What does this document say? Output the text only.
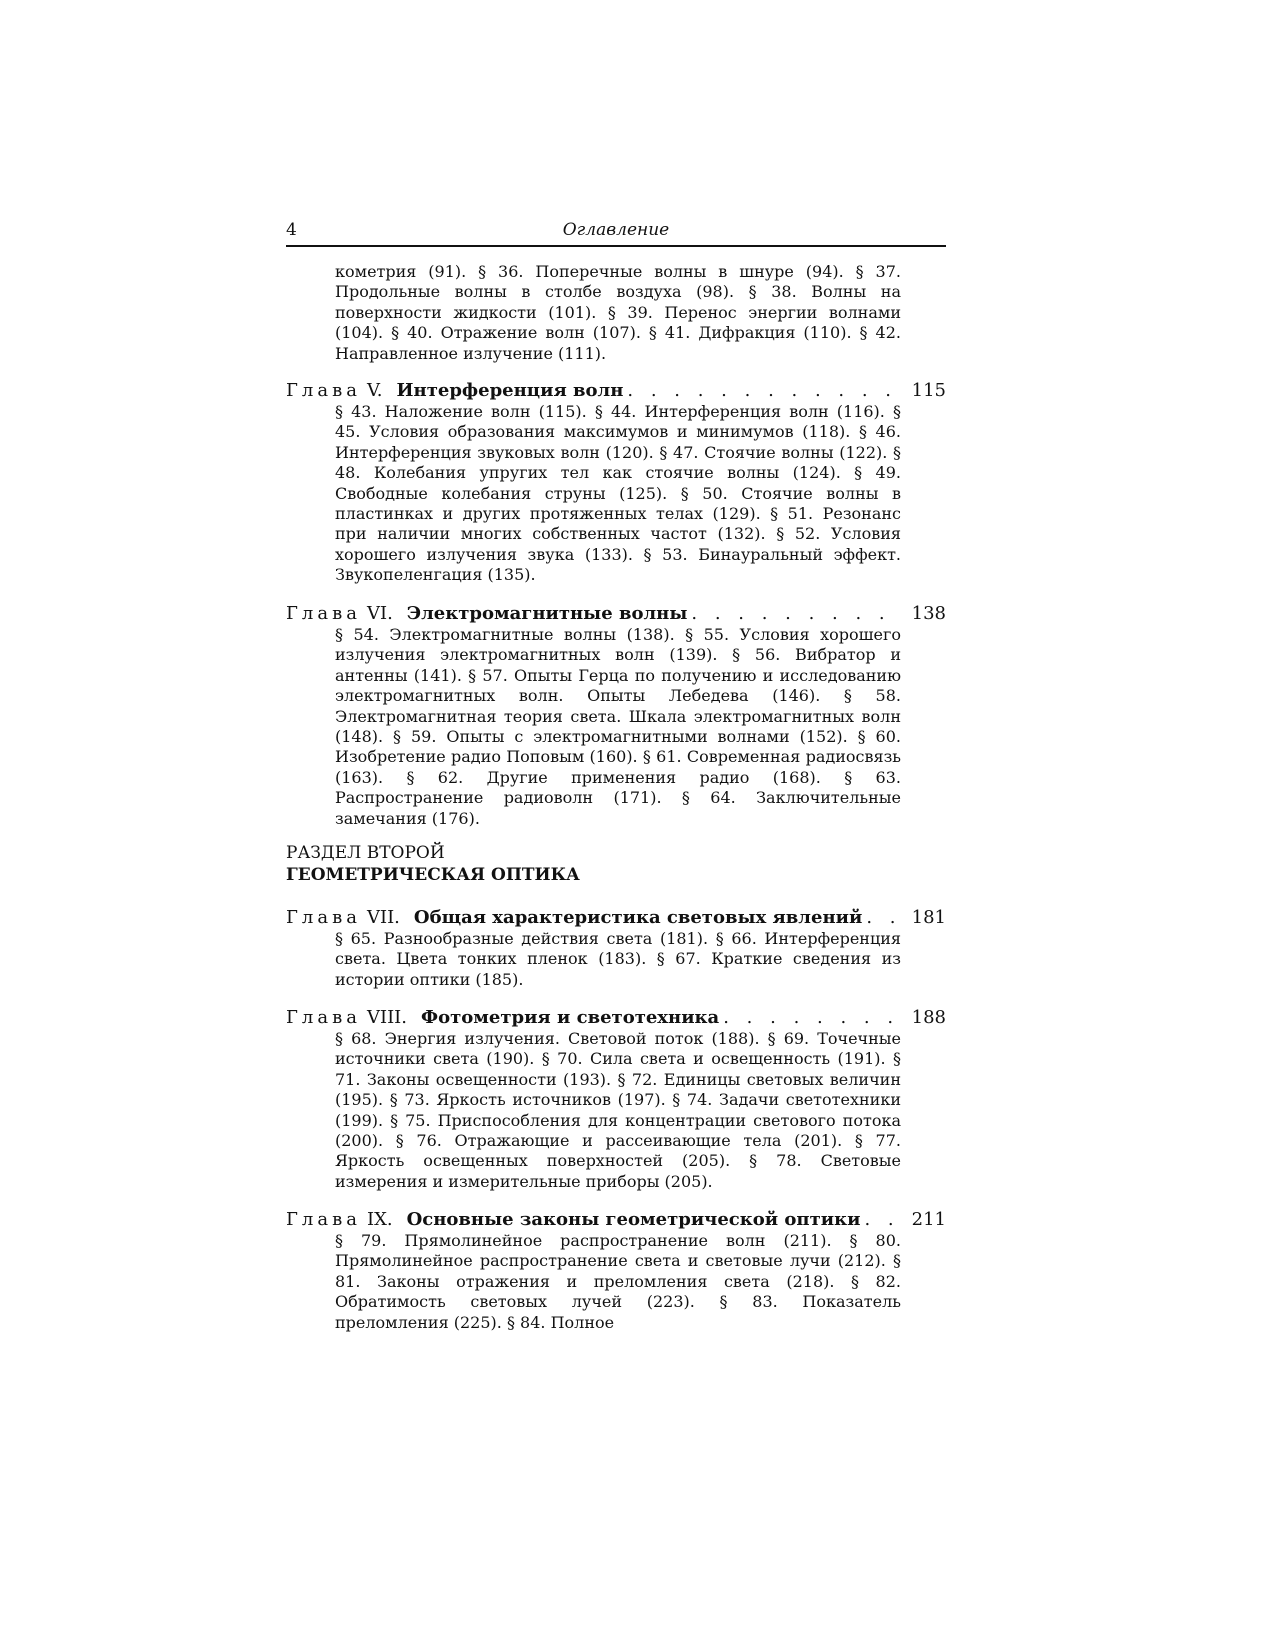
4	Оглавление
кометрия (91). § 36. Поперечные волны в шнуре (94). § 37. Продольные волны в столбе воздуха (98). § 38. Волны на поверхности жидкости (101). § 39. Перенос энергии волнами (104). § 40. Отражение волн (107). § 41. Дифракция (110). § 42. Направленное излучение (111).
Глава V. Интерференция волн . . .	115
§ 43. Наложение волн (115). § 44. Интерференция волн (116). § 45. Условия образования максимумов и минимумов (118). § 46. Интерференция звуковых волн (120). § 47. Стоячие волны (122). § 48. Колебания упругих тел как стоячие волны (124). § 49. Свободные колебания струны (125). § 50. Стоячие волны в пластинках и других протяженных телах (129). § 51. Резонанс при наличии многих собственных частот (132). § 52. Условия хорошего излучения звука (133). § 53. Бинауральный эффект. Звукопеленгация (135).
Глава VI. Электромагнитные волны . . .	138
§ 54. Электромагнитные волны (138). § 55. Условия хорошего излучения электромагнитных волн (139). § 56. Вибратор и антенны (141). § 57. Опыты Герца по получению и исследованию электромагнитных волн. Опыты Лебедева (146). § 58. Электромагнитная теория света. Шкала электромагнитных волн (148). § 59. Опыты с электромагнитными волнами (152). § 60. Изобретение радио Поповым (160). § 61. Современная радиосвязь (163). § 62. Другие применения радио (168). § 63. Распространение радиоволн (171). § 64. Заключительные замечания (176).
РАЗДЕЛ ВТОРОЙ
ГЕОМЕТРИЧЕСКАЯ ОПТИКА
Глава VII. Общая характеристика световых явлений . . .	181
§ 65. Разнообразные действия света (181). § 66. Интерференция света. Цвета тонких пленок (183). § 67. Краткие сведения из истории оптики (185).
Глава VIII. Фотометрия и светотехника . . .	188
§ 68. Энергия излучения. Световой поток (188). § 69. Точечные источники света (190). § 70. Сила света и освещенность (191). § 71. Законы освещенности (193). § 72. Единицы световых величин (195). § 73. Яркость источников (197). § 74. Задачи светотехники (199). § 75. Приспособления для концентрации светового потока (200). § 76. Отражающие и рассеивающие тела (201). § 77. Яркость освещенных поверхностей (205). § 78. Световые измерения и измерительные приборы (205).
Глава IX. Основные законы геометрической оптики . . .	211
§ 79. Прямолинейное распространение волн (211). § 80. Прямолинейное распространение света и световые лучи (212). § 81. Законы отражения и преломления света (218). § 82. Обратимость световых лучей (223). § 83. Показатель преломления (225). § 84. Полное
